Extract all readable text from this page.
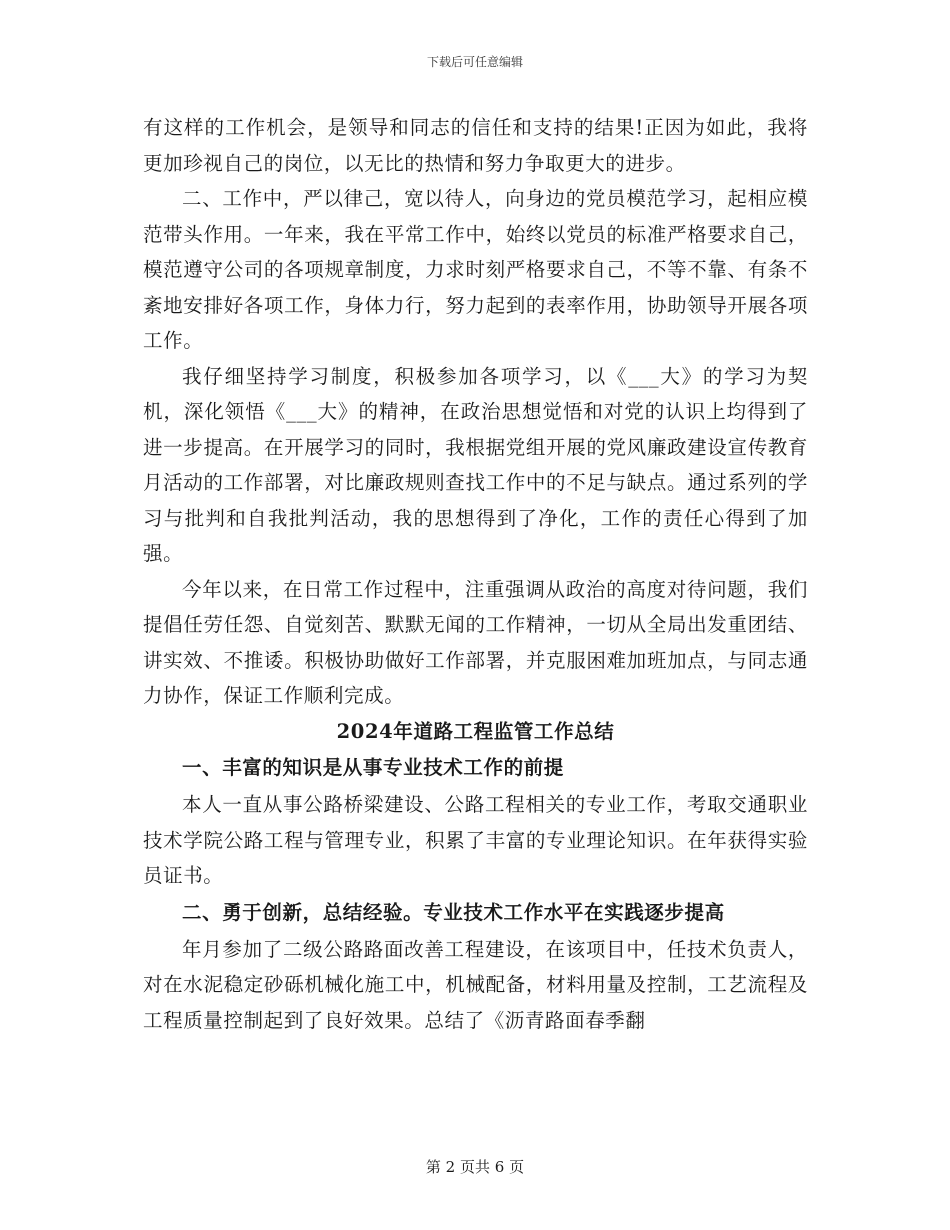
下载后可任意编辑

有这样的工作机会，是领导和同志的信任和支持的结果!正因为如此，我将更加珍视自己的岗位，以无比的热情和努力争取更大的进步。

二、工作中，严以律己，宽以待人，向身边的党员模范学习，起相应模范带头作用。一年来，我在平常工作中，始终以党员的标准严格要求自己，模范遵守公司的各项规章制度，力求时刻严格要求自己，不等不靠、有条不紊地安排好各项工作，身体力行，努力起到的表率作用，协助领导开展各项工作。

我仔细坚持学习制度，积极参加各项学习，以《___大》的学习为契机，深化领悟《___大》的精神，在政治思想觉悟和对党的认识上均得到了进一步提高。在开展学习的同时，我根据党组开展的党风廉政建设宣传教育月活动的工作部署，对比廉政规则查找工作中的不足与缺点。通过系列的学习与批判和自我批判活动，我的思想得到了净化，工作的责任心得到了加强。

今年以来，在日常工作过程中，注重强调从政治的高度对待问题，我们提倡任劳任怨、自觉刻苦、默默无闻的工作精神，一切从全局出发重团结、讲实效、不推诿。积极协助做好工作部署，并克服困难加班加点，与同志通力协作，保证工作顺利完成。

2024年道路工程监管工作总结

一、丰富的知识是从事专业技术工作的前提

本人一直从事公路桥梁建设、公路工程相关的专业工作，考取交通职业技术学院公路工程与管理专业，积累了丰富的专业理论知识。在年获得实验员证书。

二、勇于创新，总结经验。专业技术工作水平在实践逐步提高

年月参加了二级公路路面改善工程建设，在该项目中，任技术负责人，对在水泥稳定砂砾机械化施工中，机械配备，材料用量及控制，工艺流程及工程质量控制起到了良好效果。总结了《沥青路面春季翻

第 2 页共 6 页
